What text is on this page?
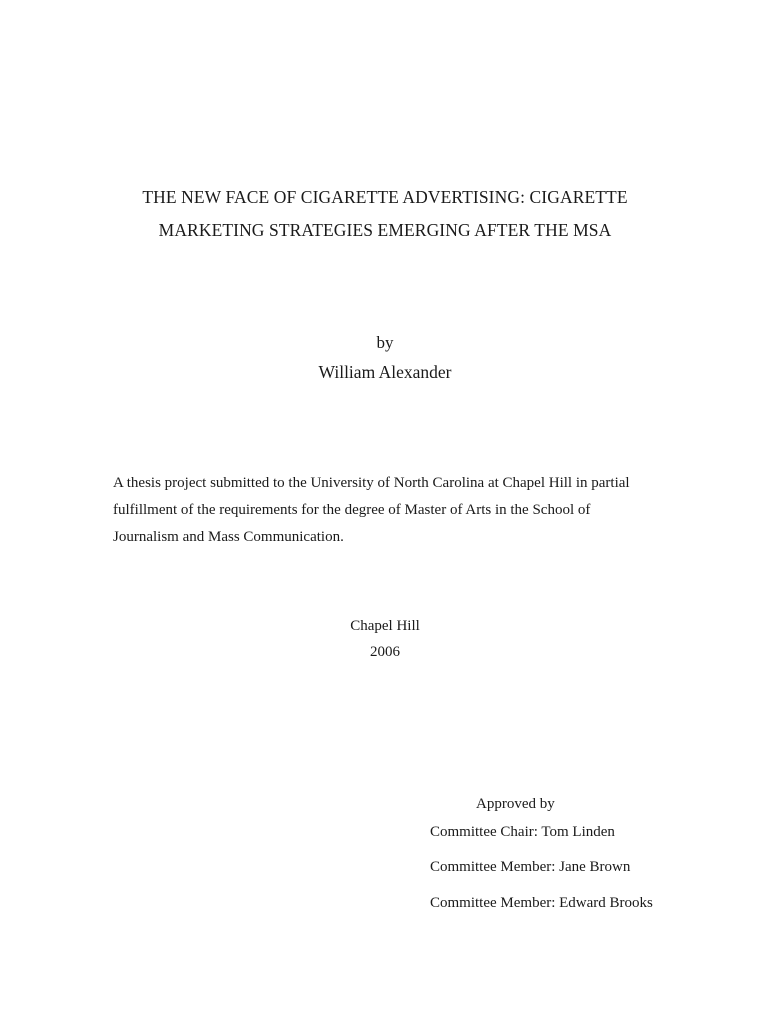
THE NEW FACE OF CIGARETTE ADVERTISING: CIGARETTE
MARKETING STRATEGIES EMERGING AFTER THE MSA
by
William Alexander
A thesis project submitted to the University of North Carolina at Chapel Hill in partial
fulfillment of the requirements for the degree of Master of Arts in the School of
Journalism and Mass Communication.
Chapel Hill
2006
Approved by
Committee Chair: Tom Linden
Committee Member: Jane Brown
Committee Member: Edward Brooks
